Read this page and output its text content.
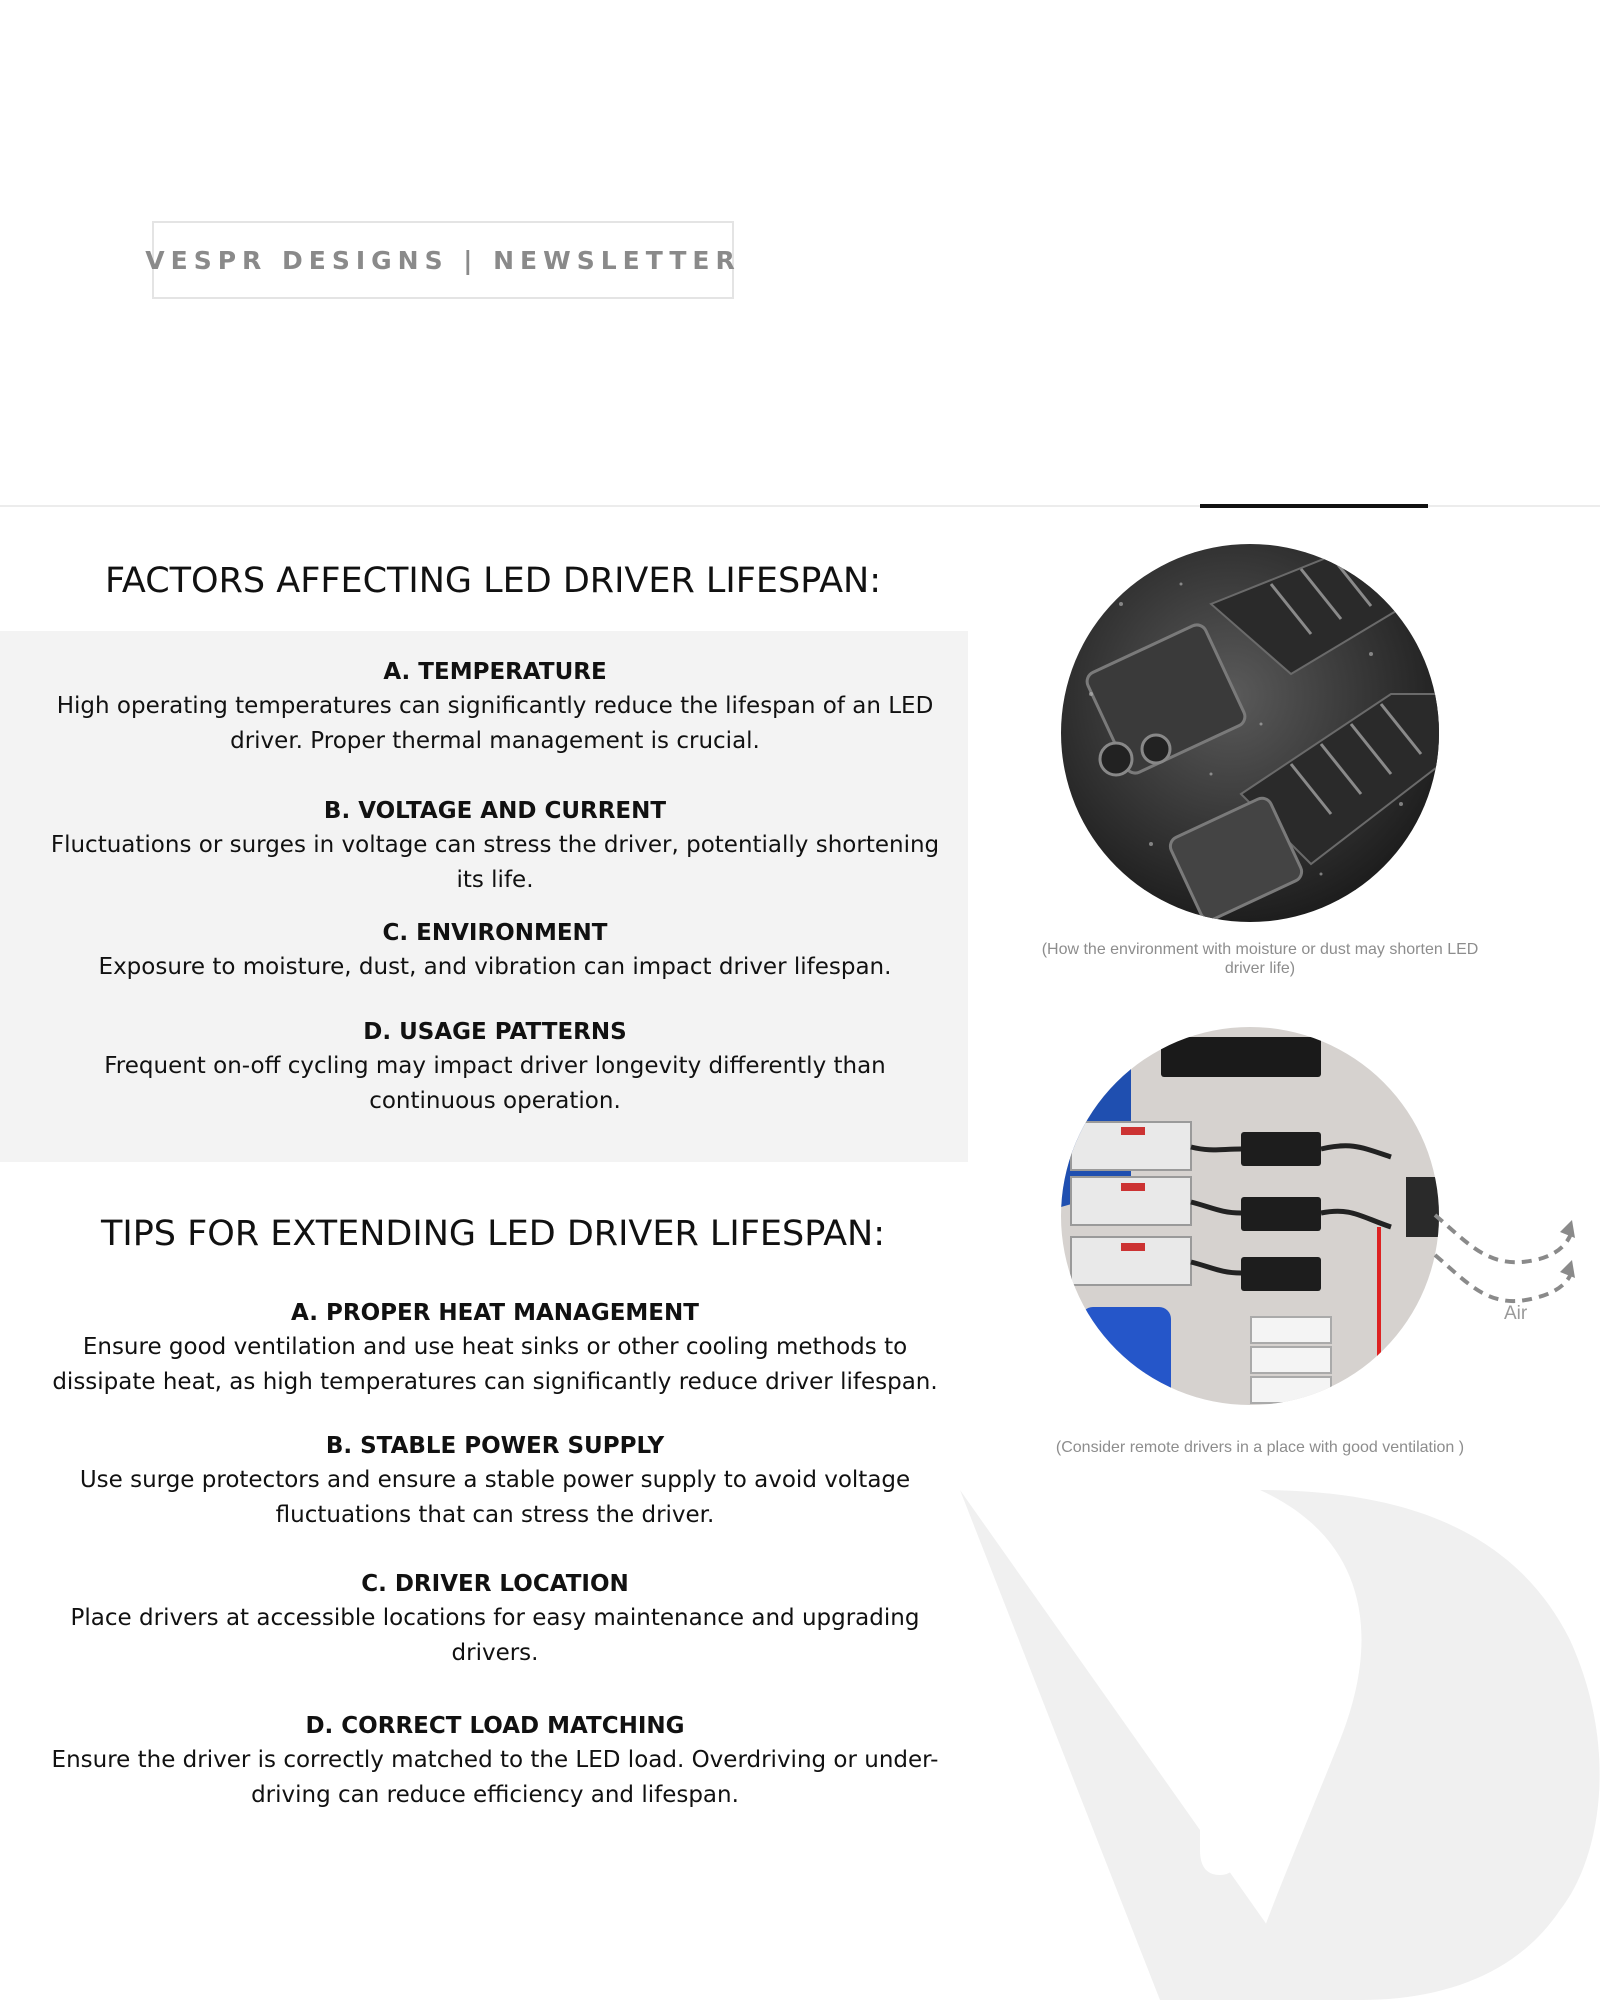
VESPR DESIGNS | NEWSLETTER
FACTORS AFFECTING LED DRIVER LIFESPAN:
A. TEMPERATURE

High operating temperatures can significantly reduce the lifespan of an LED driver. Proper thermal management is crucial.

B. VOLTAGE AND CURRENT

Fluctuations or surges in voltage can stress the driver, potentially shortening its life.

C. ENVIRONMENT

Exposure to moisture, dust, and vibration can impact driver lifespan.

D. USAGE PATTERNS

Frequent on-off cycling may impact driver longevity differently than continuous operation.

TIPS FOR EXTENDING LED DRIVER LIFESPAN:
A. PROPER HEAT MANAGEMENT

Ensure good ventilation and use heat sinks or other cooling methods to dissipate heat, as high temperatures can significantly reduce driver lifespan.

B. STABLE POWER SUPPLY

Use surge protectors and ensure a stable power supply to avoid voltage fluctuations that can stress the driver.

C. DRIVER LOCATION

Place drivers at accessible locations for easy maintenance and upgrading drivers.

D. CORRECT LOAD MATCHING

Ensure the driver is correctly matched to the LED load. Overdriving or under-driving can reduce efficiency and lifespan.

(How the environment with moisture or dust may shorten LED driver life)
(Consider remote drivers in a place with good ventilation )
Air
